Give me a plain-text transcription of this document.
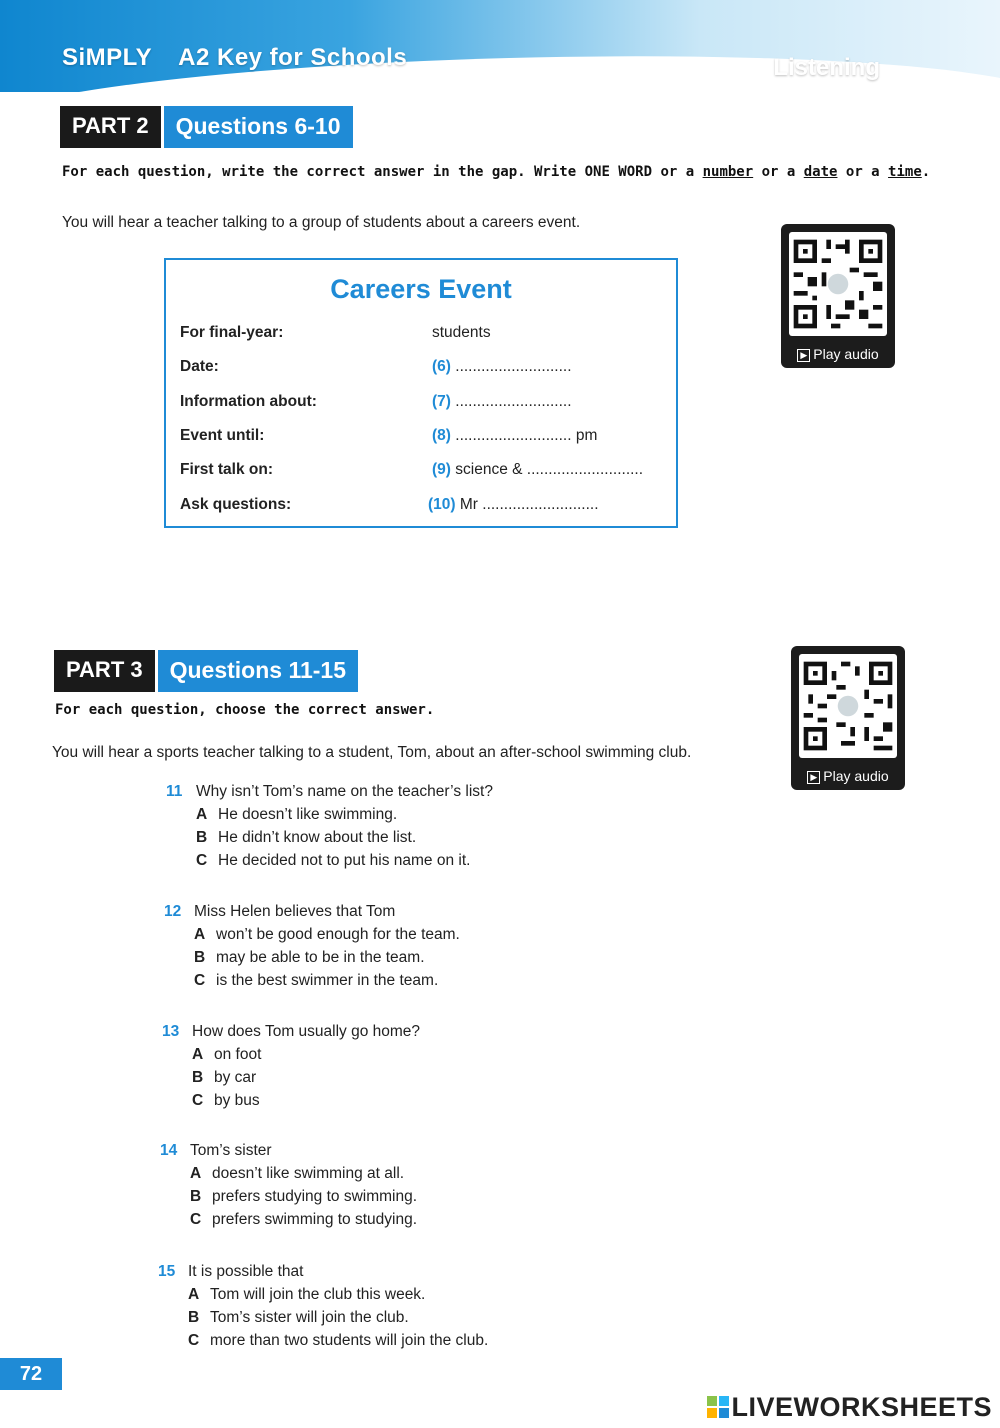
SiMPLY A2 Key for Schools	Listening
PART 2	Questions 6-10
For each question, write the correct answer in the gap. Write ONE WORD or a number or a date or a time.
You will hear a teacher talking to a group of students about a careers event.
Careers Event
For final-year:	students
Date:	(6) ...........................
Information about:	(7) ...........................
Event until:	(8) ........................... pm
First talk on:	(9) science & ...........................
Ask questions:	(10) Mr ...........................
▶ Play audio
PART 3	Questions 11-15
For each question, choose the correct answer.
You will hear a sports teacher talking to a student, Tom, about an after-school swimming club.
▶ Play audio
11 Why isn’t Tom’s name on the teacher’s list?
A He doesn’t like swimming.
B He didn’t know about the list.
C He decided not to put his name on it.
12 Miss Helen believes that Tom
A won’t be good enough for the team.
B may be able to be in the team.
C is the best swimmer in the team.
13 How does Tom usually go home?
A on foot
B by car
C by bus
14 Tom’s sister
A doesn’t like swimming at all.
B prefers studying to swimming.
C prefers swimming to studying.
15 It is possible that
A Tom will join the club this week.
B Tom’s sister will join the club.
C more than two students will join the club.
72
LIVEWORKSHEETS
